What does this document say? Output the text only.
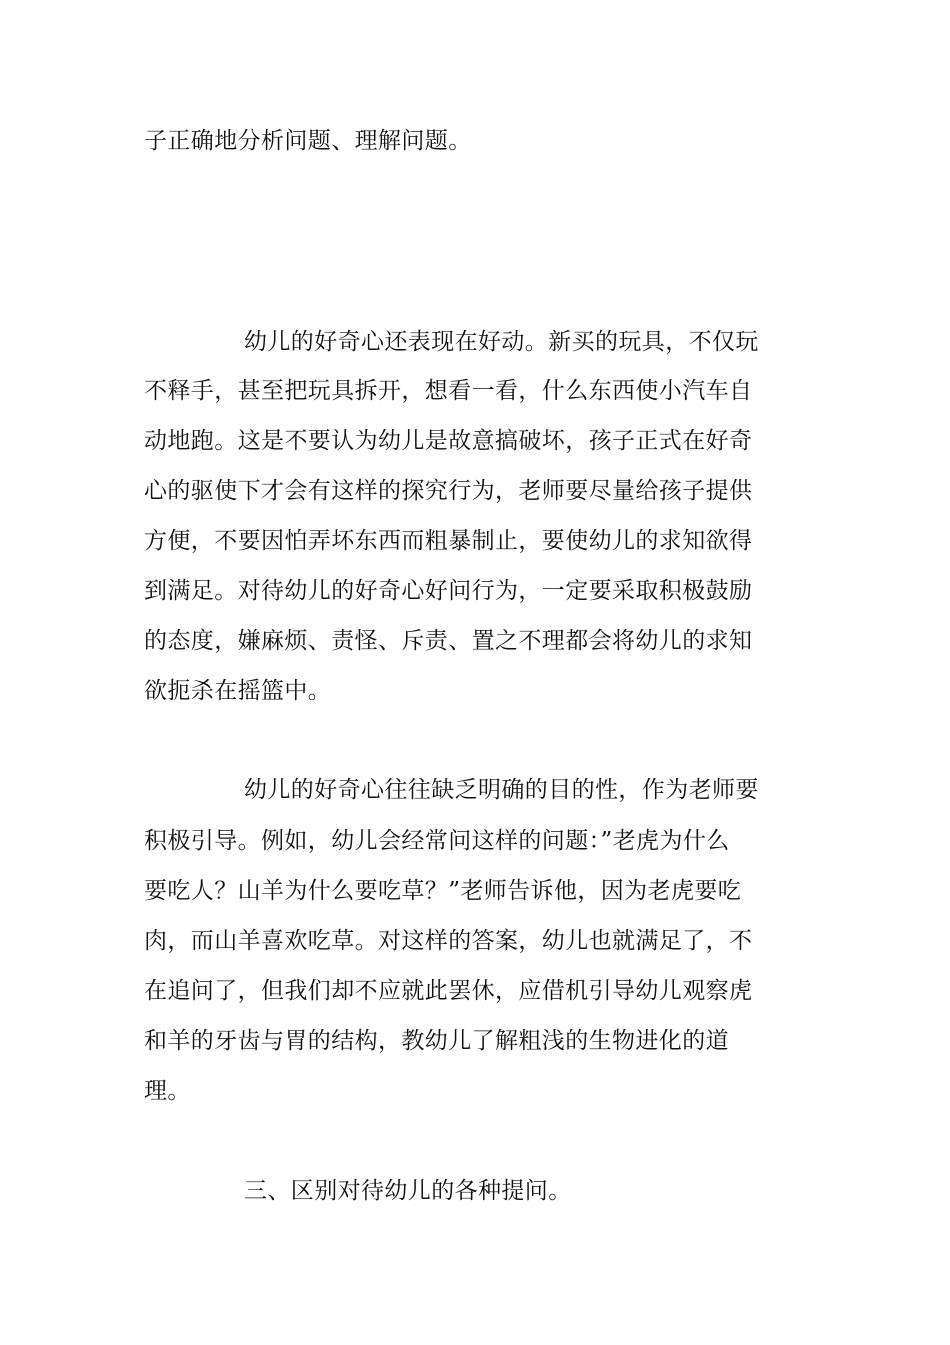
子正确地分析问题、理解问题。
幼儿的好奇心还表现在好动。新买的玩具，不仅玩
不释手，甚至把玩具拆开，想看一看，什么东西使小汽车自
动地跑。这是不要认为幼儿是故意搞破坏，孩子正式在好奇
心的驱使下才会有这样的探究行为，老师要尽量给孩子提供
方便，不要因怕弄坏东西而粗暴制止，要使幼儿的求知欲得
到满足。对待幼儿的好奇心好问行为，一定要采取积极鼓励
的态度，嫌麻烦、责怪、斥责、置之不理都会将幼儿的求知
欲扼杀在摇篮中。
幼儿的好奇心往往缺乏明确的目的性，作为老师要
积极引导。例如，幼儿会经常问这样的问题：”老虎为什么
要吃人？山羊为什么要吃草？”老师告诉他，因为老虎要吃
肉，而山羊喜欢吃草。对这样的答案，幼儿也就满足了，不
在追问了，但我们却不应就此罢休，应借机引导幼儿观察虎
和羊的牙齿与胃的结构，教幼儿了解粗浅的生物进化的道
理。
三、区别对待幼儿的各种提问。
